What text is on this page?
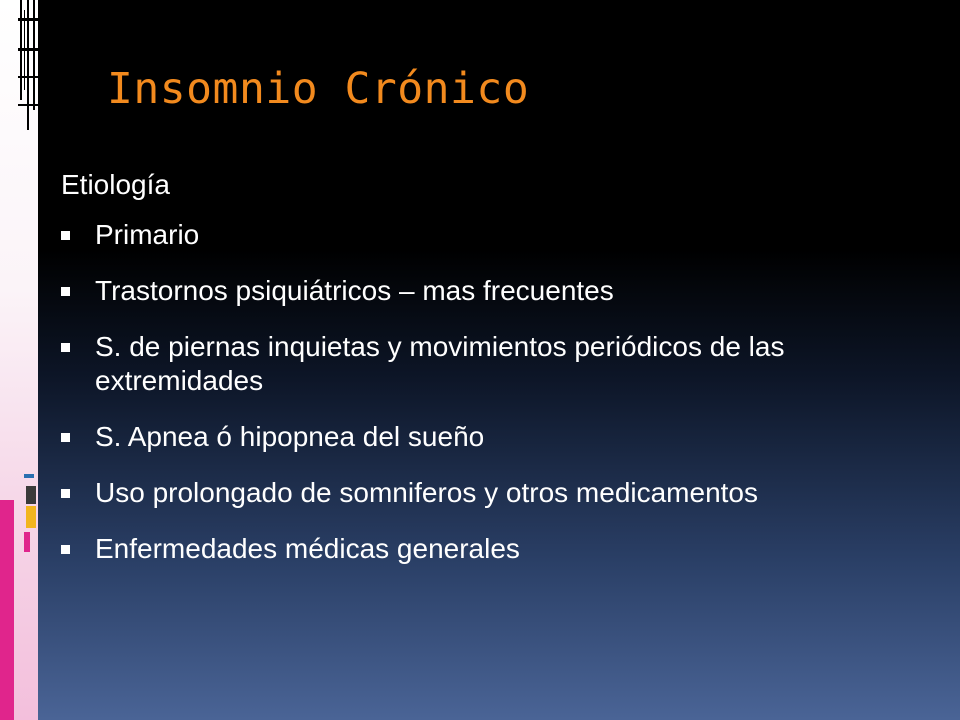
Insomnio Crónico

Etiología

Primario
Trastornos psiquiátricos – mas frecuentes
S. de piernas inquietas y movimientos periódicos de las extremidades
S. Apnea ó hipopnea del sueño
Uso prolongado de somniferos y otros medicamentos
Enfermedades médicas generales
